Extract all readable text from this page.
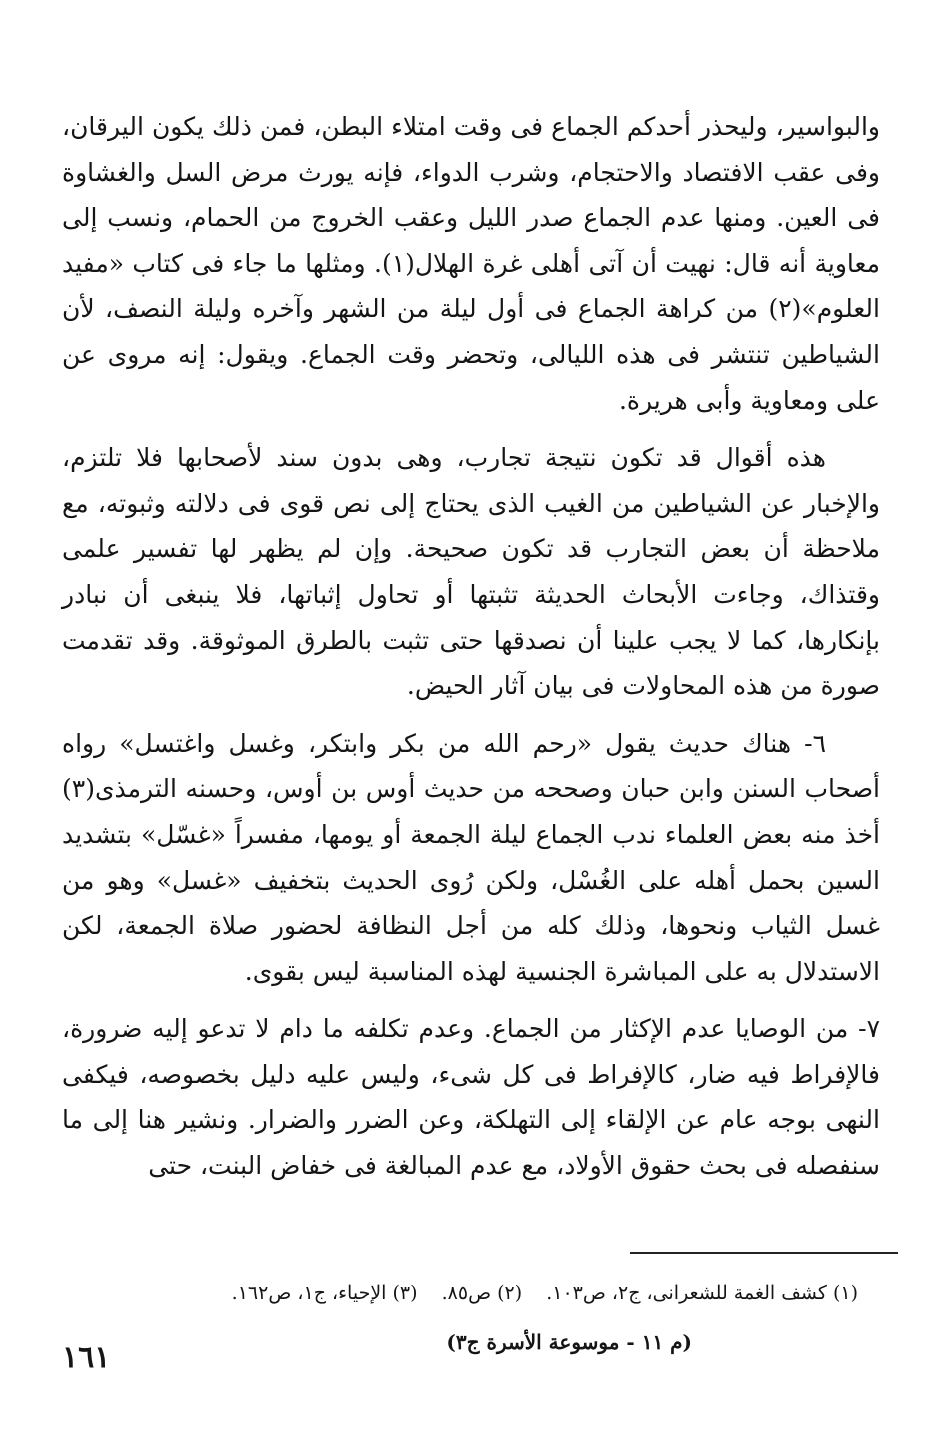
والبواسير، وليحذر أحدكم الجماع فى وقت امتلاء البطن، فمن ذلك يكون اليرقان، وفى عقب الافتصاد والاحتجام، وشرب الدواء، فإنه يورث مرض السل والغشاوة فى العين. ومنها عدم الجماع صدر الليل وعقب الخروج من الحمام، ونسب إلى معاوية أنه قال: نهيت أن آتى أهلى غرة الهلال(١). ومثلها ما جاء فى كتاب «مفيد العلوم»(٢) من كراهة الجماع فى أول ليلة من الشهر وآخره وليلة النصف، لأن الشياطين تنتشر فى هذه الليالى، وتحضر وقت الجماع. ويقول: إنه مروى عن على ومعاوية وأبى هريرة.

هذه أقوال قد تكون نتيجة تجارب، وهى بدون سند لأصحابها فلا تلتزم، والإخبار عن الشياطين من الغيب الذى يحتاج إلى نص قوى فى دلالته وثبوته، مع ملاحظة أن بعض التجارب قد تكون صحيحة. وإن لم يظهر لها تفسير علمى وقتذاك، وجاءت الأبحاث الحديثة تثبتها أو تحاول إثباتها، فلا ينبغى أن نبادر بإنكارها، كما لا يجب علينا أن نصدقها حتى تثبت بالطرق الموثوقة. وقد تقدمت صورة من هذه المحاولات فى بيان آثار الحيض.

٦- هناك حديث يقول «رحم الله من بكر وابتكر، وغسل واغتسل» رواه أصحاب السنن وابن حبان وصححه من حديث أوس بن أوس، وحسنه الترمذى(٣) أخذ منه بعض العلماء ندب الجماع ليلة الجمعة أو يومها، مفسراً «غسّل» بتشديد السين بحمل أهله على الغُسْل، ولكن رُوى الحديث بتخفيف «غسل» وهو من غسل الثياب ونحوها، وذلك كله من أجل النظافة لحضور صلاة الجمعة، لكن الاستدلال به على المباشرة الجنسية لهذه المناسبة ليس بقوى.

٧- من الوصايا عدم الإكثار من الجماع. وعدم تكلفه ما دام لا تدعو إليه ضرورة، فالإفراط فيه ضار، كالإفراط فى كل شىء، وليس عليه دليل بخصوصه، فيكفى النهى بوجه عام عن الإلقاء إلى التهلكة، وعن الضرر والضرار. ونشير هنا إلى ما سنفصله فى بحث حقوق الأولاد، مع عدم المبالغة فى خفاض البنت، حتى

(١) كشف الغمة للشعرانى، ج٢، ص١٠٣. (٢) ص٨٥. (٣) الإحياء، ج١، ص١٦٢.
(م ١١ - موسوعة الأسرة ج٣)
١٦١
